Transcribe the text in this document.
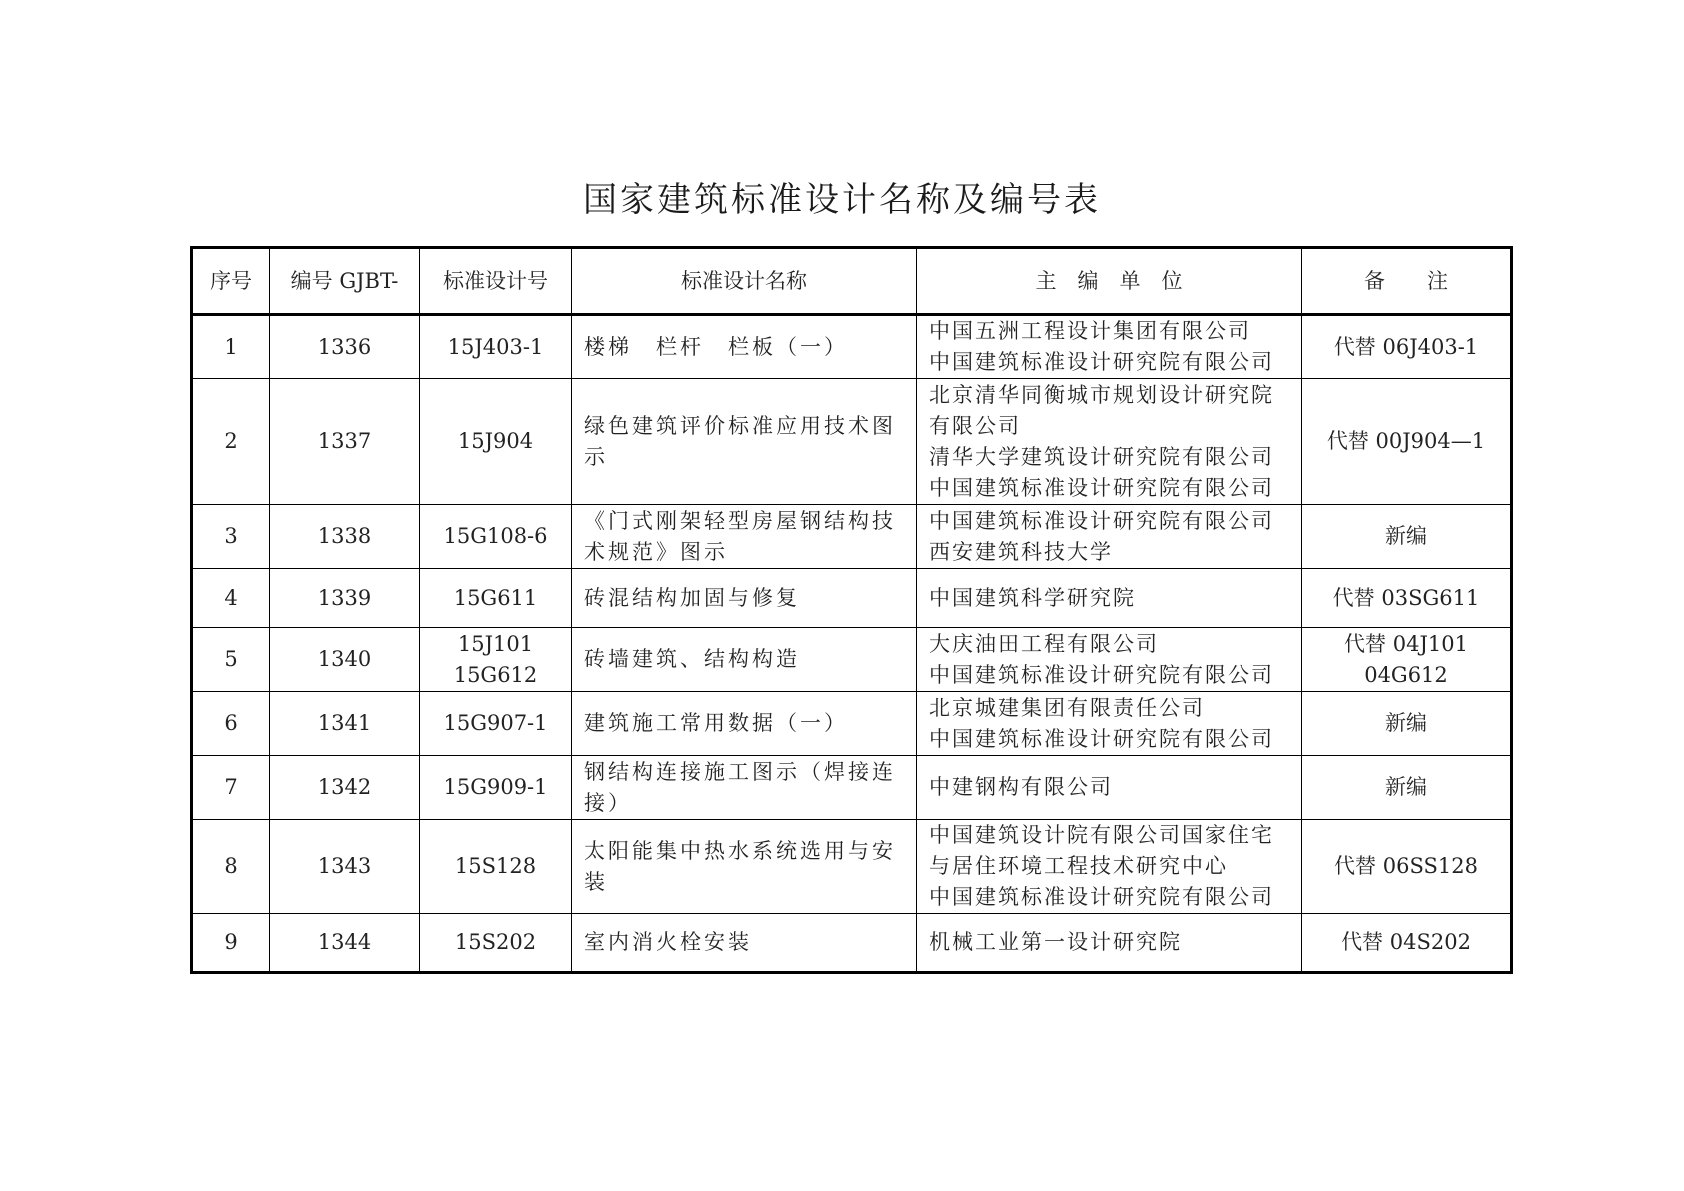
国家建筑标准设计名称及编号表
序号	编号 GJBT-	标准设计号	标准设计名称	主　编　单　位	备　　注
1	1336	15J403-1	楼梯　栏杆　栏板（一）	中国五洲工程设计集团有限公司
中国建筑标准设计研究院有限公司	代替 06J403-1

2	1337	15J904	绿色建筑评价标准应用技术图示	北京清华同衡城市规划设计研究院
有限公司
清华大学建筑设计研究院有限公司
中国建筑标准设计研究院有限公司	代替 00J904—1

3	1338	15G108-6	《门式刚架轻型房屋钢结构技术规范》图示	中国建筑标准设计研究院有限公司
西安建筑科技大学	新编

4	1339	15G611	砖混结构加固与修复	中国建筑科学研究院	代替 03SG611

5	1340	15J101
15G612	砖墙建筑、结构构造	大庆油田工程有限公司
中国建筑标准设计研究院有限公司	代替 04J101
04G612

6	1341	15G907-1	建筑施工常用数据（一）	北京城建集团有限责任公司
中国建筑标准设计研究院有限公司	新编

7	1342	15G909-1	钢结构连接施工图示（焊接连接）	中建钢构有限公司	新编

8	1343	15S128	太阳能集中热水系统选用与安装	中国建筑设计院有限公司国家住宅
与居住环境工程技术研究中心
中国建筑标准设计研究院有限公司	代替 06SS128

9	1344	15S202	室内消火栓安装	机械工业第一设计研究院	代替 04S202
